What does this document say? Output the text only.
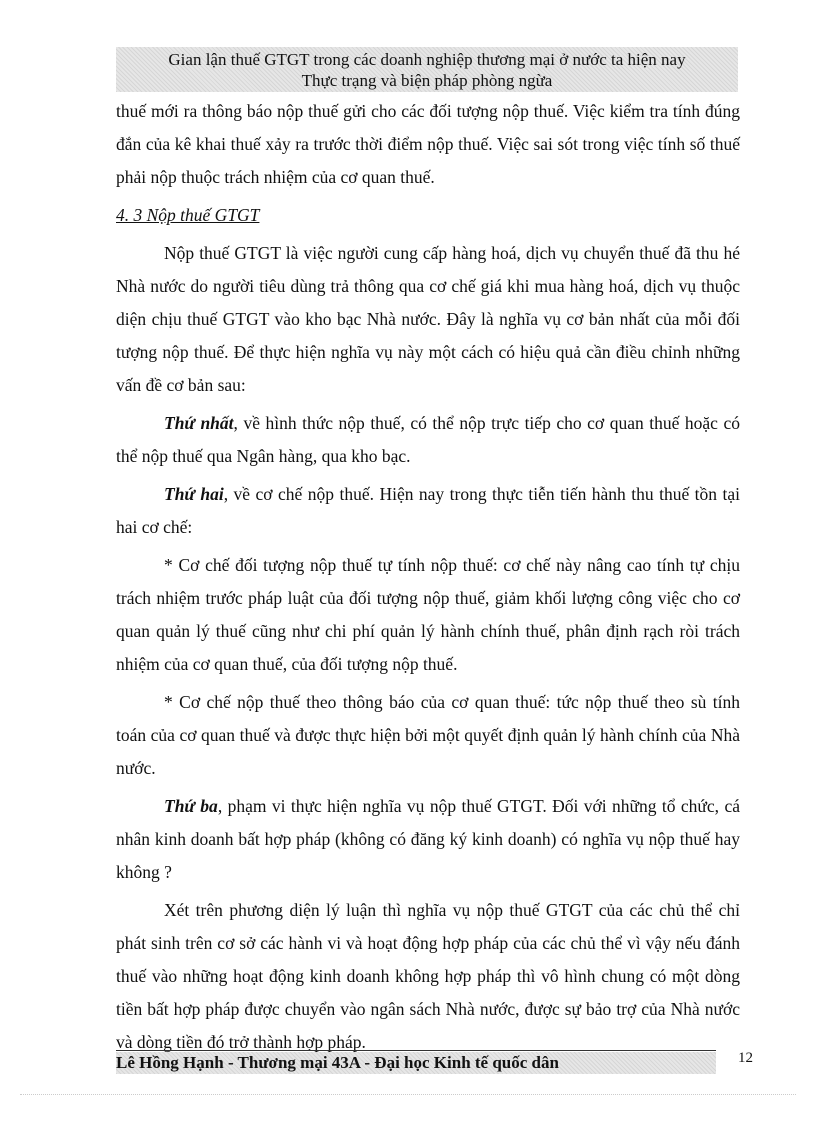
Gian lận thuế GTGT trong các doanh nghiệp thương mại ở nước ta hiện nay
Thực trạng và biện pháp phòng ngừa

thuế mới ra thông báo nộp thuế gửi cho các đối tượng nộp thuế. Việc kiểm tra tính đúng đắn của kê khai thuế xảy ra trước thời điểm nộp thuế. Việc sai sót trong việc tính số thuế phải nộp thuộc trách nhiệm của cơ quan thuế.

4. 3 Nộp thuế GTGT

Nộp thuế GTGT là việc người cung cấp hàng hoá, dịch vụ chuyển thuế đã thu hé Nhà nước do người tiêu dùng trả thông qua cơ chế giá khi mua hàng hoá, dịch vụ thuộc diện chịu thuế GTGT vào kho bạc Nhà nước. Đây là nghĩa vụ cơ bản nhất của mỗi đối tượng nộp thuế. Để thực hiện nghĩa vụ này một cách có hiệu quả cần điều chỉnh những vấn đề cơ bản sau:

Thứ nhất, về hình thức nộp thuế, có thể nộp trực tiếp cho cơ quan thuế hoặc có thể nộp thuế qua Ngân hàng, qua kho bạc.

Thứ hai, về cơ chế nộp thuế. Hiện nay trong thực tiễn tiến hành thu thuế tồn tại hai cơ chế:

* Cơ chế đối tượng nộp thuế tự tính nộp thuế: cơ chế này nâng cao tính tự chịu trách nhiệm trước pháp luật của đối tượng nộp thuế, giảm khối lượng công việc cho cơ quan quản lý thuế cũng như chi phí quản lý hành chính thuế, phân định rạch ròi trách nhiệm của cơ quan thuế, của đối tượng nộp thuế.

* Cơ chế nộp thuế theo thông báo của cơ quan thuế: tức nộp thuế theo sù tính toán của cơ quan thuế và được thực hiện bởi một quyết định quản lý hành chính của Nhà nước.

Thứ ba, phạm vi thực hiện nghĩa vụ nộp thuế GTGT. Đối với những tổ chức, cá nhân kinh doanh bất hợp pháp (không có đăng ký kinh doanh) có nghĩa vụ nộp thuế hay không ?

Xét trên phương diện lý luận thì nghĩa vụ nộp thuế GTGT của các chủ thể chỉ phát sinh trên cơ sở các hành vi và hoạt động hợp pháp của các chủ thể vì vậy nếu đánh thuế vào những hoạt động kinh doanh không hợp pháp thì vô hình chung có một dòng tiền bất hợp pháp được chuyển vào ngân sách Nhà nước, được sự bảo trợ của Nhà nước và dòng tiền đó trở thành hợp pháp.

Lê Hồng Hạnh - Thương mại 43A - Đại học Kinh tế quốc dân	12
